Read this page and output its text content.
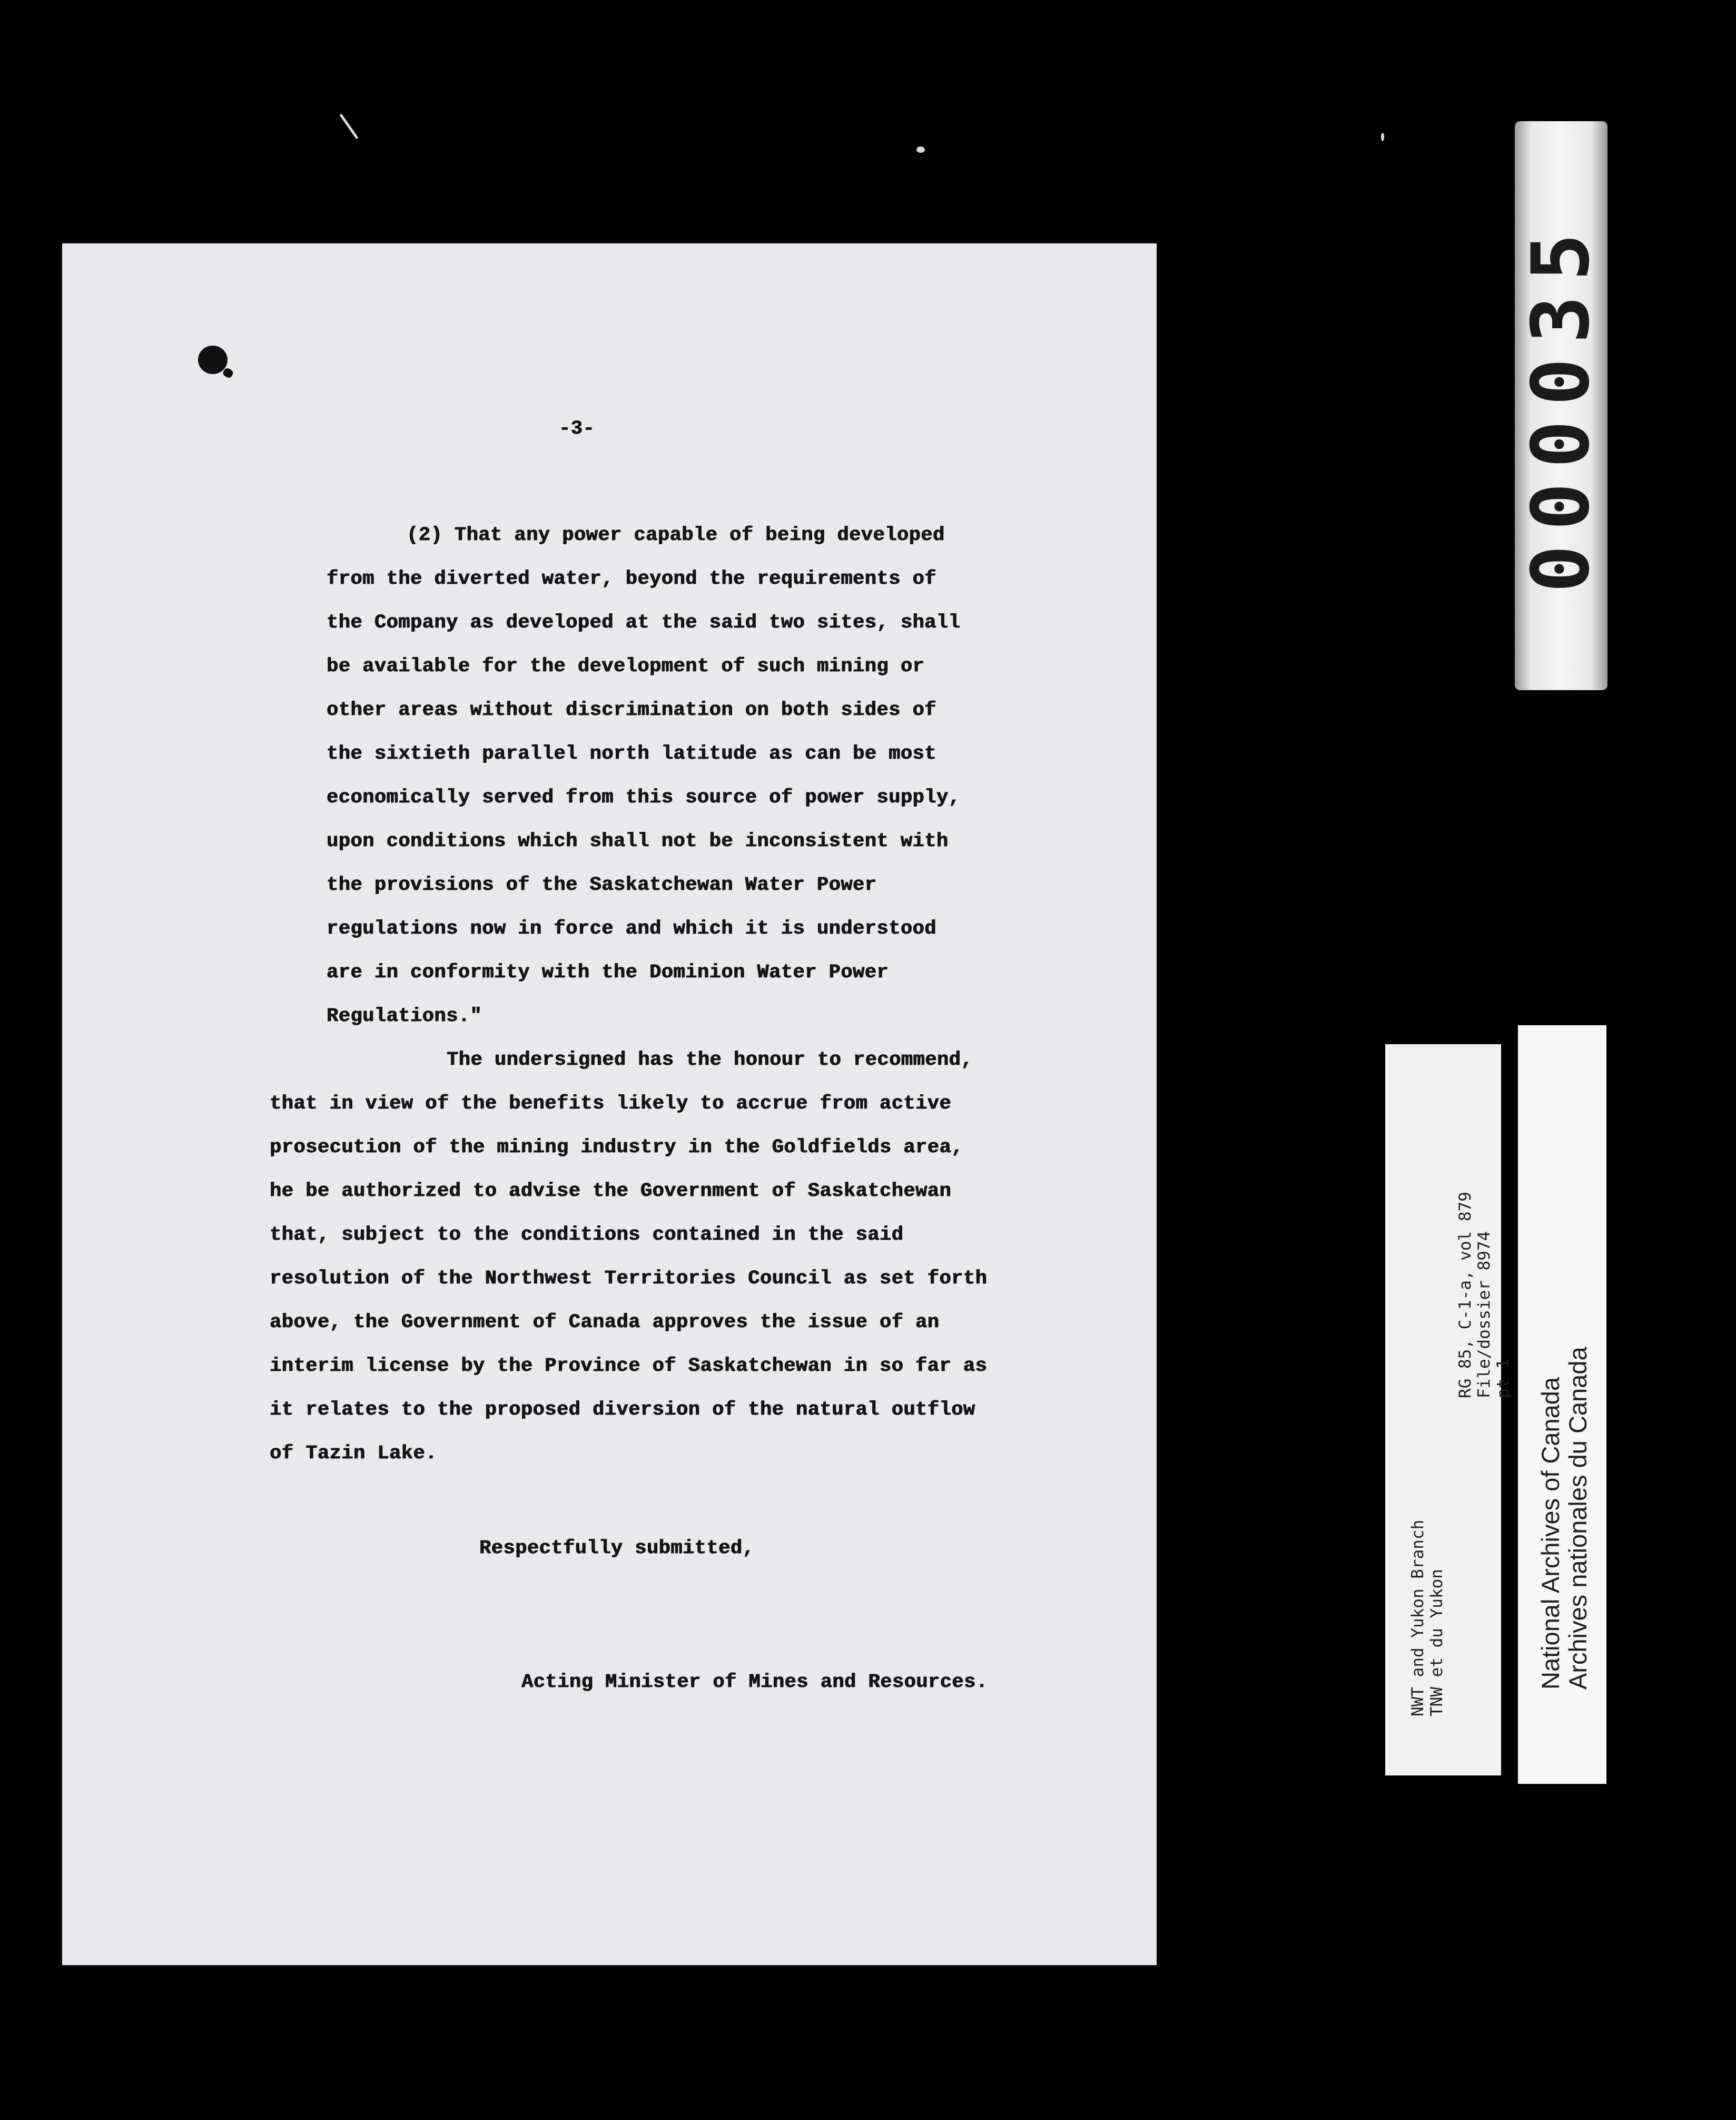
-3-
(2) That any power capable of being developed
from the diverted water, beyond the requirements of
the Company as developed at the said two sites, shall
be available for the development of such mining or
other areas without discrimination on both sides of
the sixtieth parallel north latitude as can be most
economically served from this source of power supply,
upon conditions which shall not be inconsistent with
the provisions of the Saskatchewan Water Power
regulations now in force and which it is understood
are in conformity with the Dominion Water Power
Regulations."
The undersigned has the honour to recommend,
that in view of the benefits likely to accrue from active
prosecution of the mining industry in the Goldfields area,
he be authorized to advise the Government of Saskatchewan
that, subject to the conditions contained in the said
resolution of the Northwest Territories Council as set forth
above, the Government of Canada approves the issue of an
interim license by the Province of Saskatchewan in so far as
it relates to the proposed diversion of the natural outflow
of Tazin Lake.
Respectfully submitted,
Acting Minister of Mines and Resources.
000035
NWT and Yukon Branch TNW et du Yukon
RG 85, C-1-a, vol 879 File/dossier 8974 pt 1 National Archives of Canada Archives nationales du Canada
